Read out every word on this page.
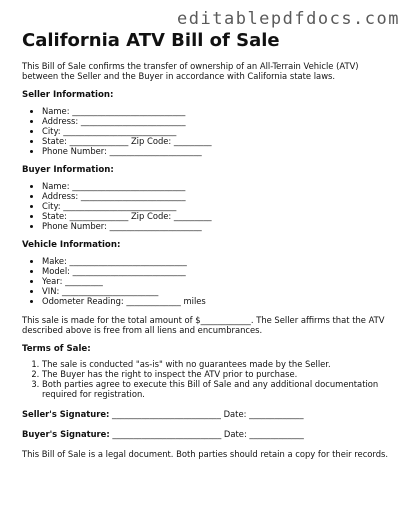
editablepdfdocs.com
California ATV Bill of Sale

This Bill of Sale confirms the transfer of ownership of an All-Terrain Vehicle (ATV) between the Seller and the Buyer in accordance with California state laws.

Seller Information:
• Name: ___________________________
• Address: _________________________
• City: ___________________________
• State: ______________ Zip Code: _________
• Phone Number: ______________________
Buyer Information:
• Name: ___________________________
• Address: _________________________
• City: ___________________________
• State: ______________ Zip Code: _________
• Phone Number: ______________________
Vehicle Information:
• Make: ____________________________
• Model: ___________________________
• Year: _________
• VIN: _______________________
• Odometer Reading: _____________ miles

This sale is made for the total amount of $____________. The Seller affirms that the ATV described above is free from all liens and encumbrances.

Terms of Sale:
1. The sale is conducted "as-is" with no guarantees made by the Seller.
2. The Buyer has the right to inspect the ATV prior to purchase.
3. Both parties agree to execute this Bill of Sale and any additional documentation required for registration.

Seller's Signature: __________________________ Date: _____________

Buyer's Signature: __________________________ Date: _____________

This Bill of Sale is a legal document. Both parties should retain a copy for their records.
